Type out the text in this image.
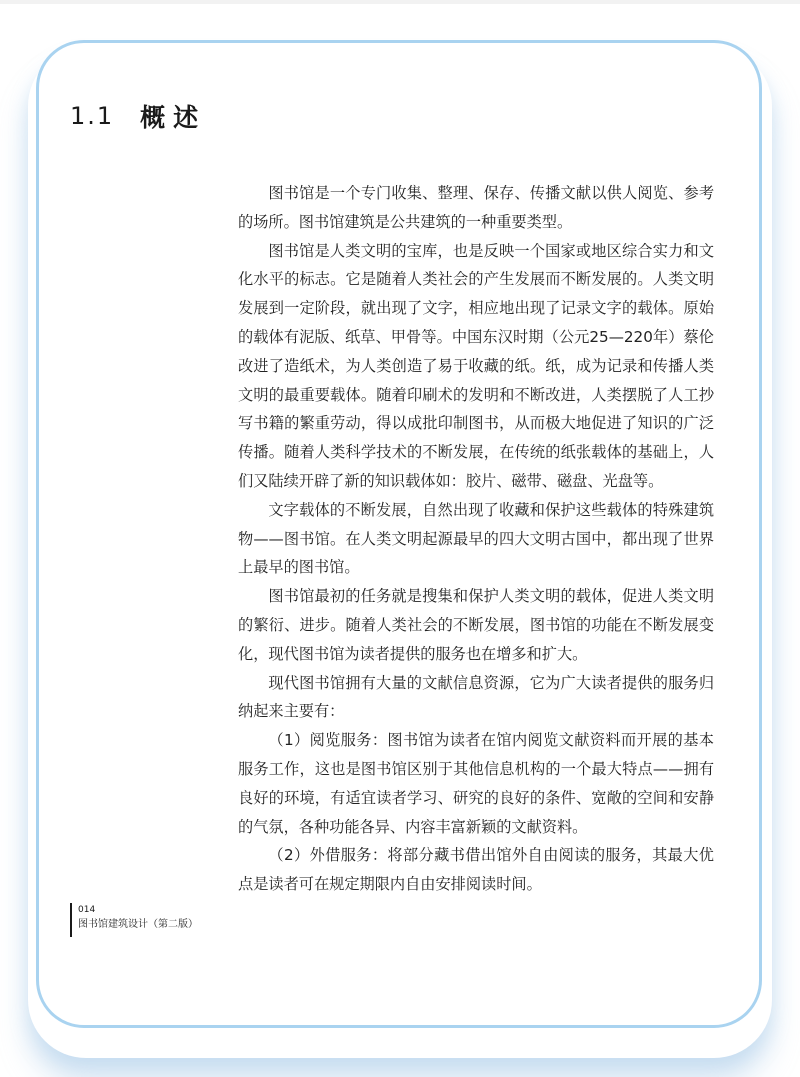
1.1 概述

图书馆是一个专门收集、整理、保存、传播文献以供人阅览、参考的场所。图书馆建筑是公共建筑的一种重要类型。

图书馆是人类文明的宝库，也是反映一个国家或地区综合实力和文化水平的标志。它是随着人类社会的产生发展而不断发展的。人类文明发展到一定阶段，就出现了文字，相应地出现了记录文字的载体。原始的载体有泥版、纸草、甲骨等。中国东汉时期（公元25—220年）蔡伦改进了造纸术，为人类创造了易于收藏的纸。纸，成为记录和传播人类文明的最重要载体。随着印刷术的发明和不断改进，人类摆脱了人工抄写书籍的繁重劳动，得以成批印制图书，从而极大地促进了知识的广泛传播。随着人类科学技术的不断发展，在传统的纸张载体的基础上，人们又陆续开辟了新的知识载体如：胶片、磁带、磁盘、光盘等。

文字载体的不断发展，自然出现了收藏和保护这些载体的特殊建筑物——图书馆。在人类文明起源最早的四大文明古国中，都出现了世界上最早的图书馆。

图书馆最初的任务就是搜集和保护人类文明的载体，促进人类文明的繁衍、进步。随着人类社会的不断发展，图书馆的功能在不断发展变化，现代图书馆为读者提供的服务也在增多和扩大。

现代图书馆拥有大量的文献信息资源，它为广大读者提供的服务归纳起来主要有：

（1）阅览服务：图书馆为读者在馆内阅览文献资料而开展的基本服务工作，这也是图书馆区别于其他信息机构的一个最大特点——拥有良好的环境，有适宜读者学习、研究的良好的条件、宽敞的空间和安静的气氛，各种功能各异、内容丰富新颖的文献资料。

（2）外借服务：将部分藏书借出馆外自由阅读的服务，其最大优点是读者可在规定期限内自由安排阅读时间。

014
图书馆建筑设计（第二版）
